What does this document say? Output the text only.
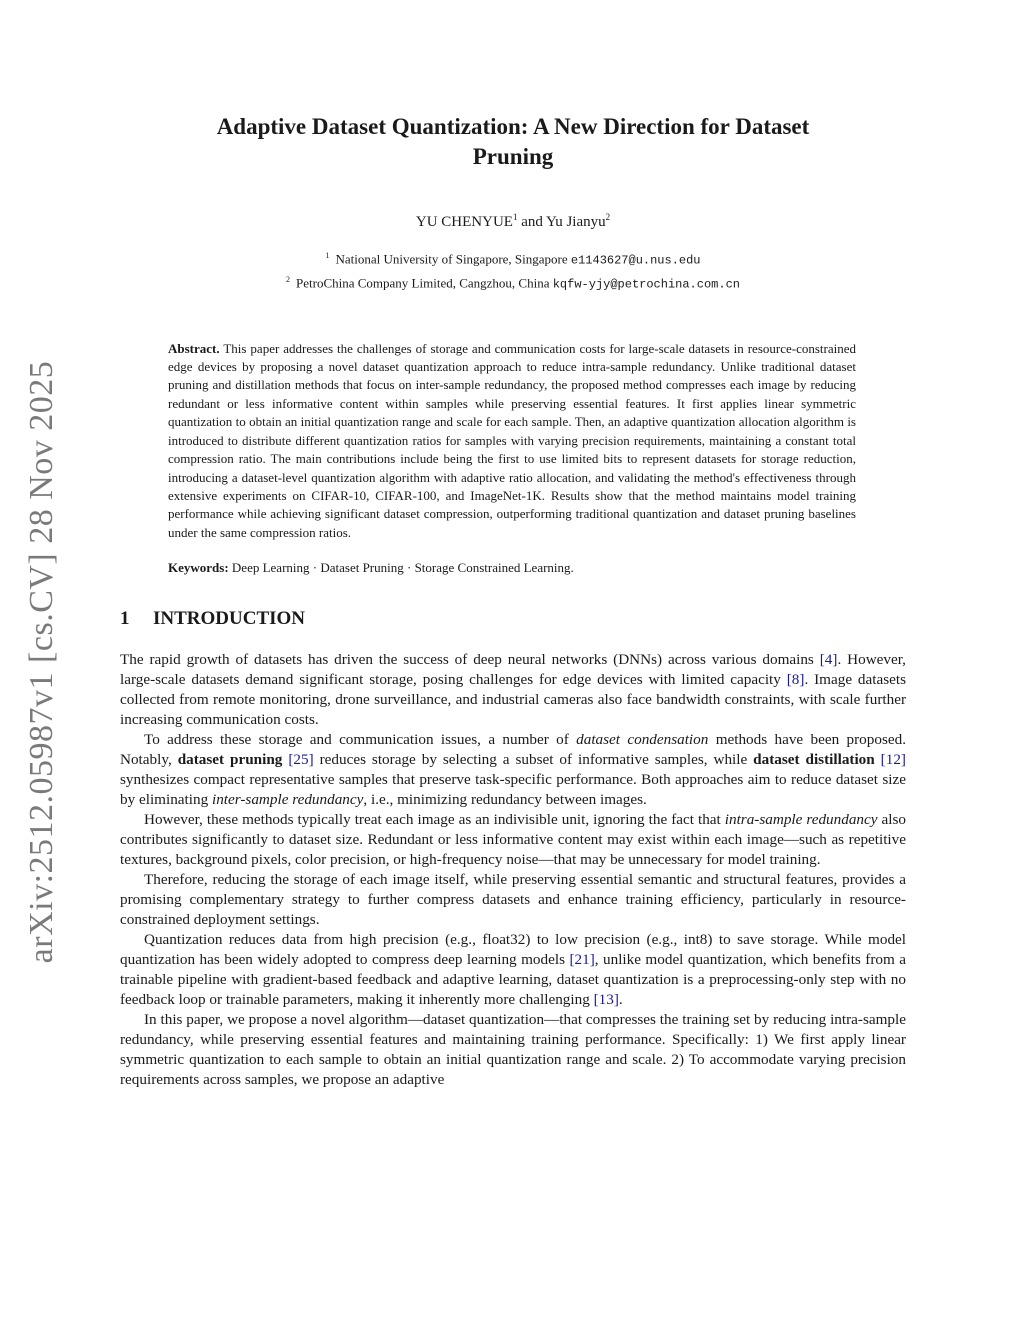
arXiv:2512.05987v1 [cs.CV] 28 Nov 2025
Adaptive Dataset Quantization: A New Direction for Dataset
Pruning
YU CHENYUE$^1$ and Yu Jianyu$^2$
$^1$ National University of Singapore, Singapore e1143627@u.nus.edu
$^2$ PetroChina Company Limited, Cangzhou, China kqfw-yjy@petrochina.com.cn
Abstract. This paper addresses the challenges of storage and communication costs for large-scale datasets in resource-constrained edge devices by proposing a novel dataset quantization approach to reduce intra-sample redundancy. Unlike traditional dataset pruning and distillation methods that focus on inter-sample redundancy, the proposed method compresses each image by reducing redundant or less informative content within samples while preserving essential features. It first applies linear symmetric quantization to obtain an initial quantization range and scale for each sample. Then, an adaptive quantization allocation algorithm is introduced to distribute different quantization ratios for samples with varying precision requirements, maintaining a constant total compression ratio. The main contributions include being the first to use limited bits to represent datasets for storage reduction, introducing a dataset-level quantization algorithm with adaptive ratio allocation, and validating the method's effectiveness through extensive experiments on CIFAR-10, CIFAR-100, and ImageNet-1K. Results show that the method maintains model training performance while achieving significant dataset compression, outperforming traditional quantization and dataset pruning baselines under the same compression ratios.
Keywords: Deep Learning · Dataset Pruning · Storage Constrained Learning.
1 INTRODUCTION

The rapid growth of datasets has driven the success of deep neural networks (DNNs) across various domains [4]. However, large-scale datasets demand significant storage, posing challenges for edge devices with limited capacity [8]. Image datasets collected from remote monitoring, drone surveillance, and industrial cameras also face bandwidth constraints, with scale further increasing communication costs.

To address these storage and communication issues, a number of dataset condensation methods have been proposed. Notably, dataset pruning [25] reduces storage by selecting a subset of informative samples, while dataset distillation [12] synthesizes compact representative samples that preserve task-specific performance. Both approaches aim to reduce dataset size by eliminating inter-sample redundancy, i.e., minimizing redundancy between images.

However, these methods typically treat each image as an indivisible unit, ignoring the fact that intra-sample redundancy also contributes significantly to dataset size. Redundant or less informative content may exist within each image—such as repetitive textures, background pixels, color precision, or high-frequency noise—that may be unnecessary for model training.

Therefore, reducing the storage of each image itself, while preserving essential semantic and structural features, provides a promising complementary strategy to further compress datasets and enhance training efficiency, particularly in resource-constrained deployment settings.

Quantization reduces data from high precision (e.g., float32) to low precision (e.g., int8) to save storage. While model quantization has been widely adopted to compress deep learning models [21], unlike model quantization, which benefits from a trainable pipeline with gradient-based feedback and adaptive learning, dataset quantization is a preprocessing-only step with no feedback loop or trainable parameters, making it inherently more challenging [13].

In this paper, we propose a novel algorithm—dataset quantization—that compresses the training set by reducing intra-sample redundancy, while preserving essential features and maintaining training performance. Specifically: 1) We first apply linear symmetric quantization to each sample to obtain an initial quantization range and scale. 2) To accommodate varying precision requirements across samples, we propose an adaptive
